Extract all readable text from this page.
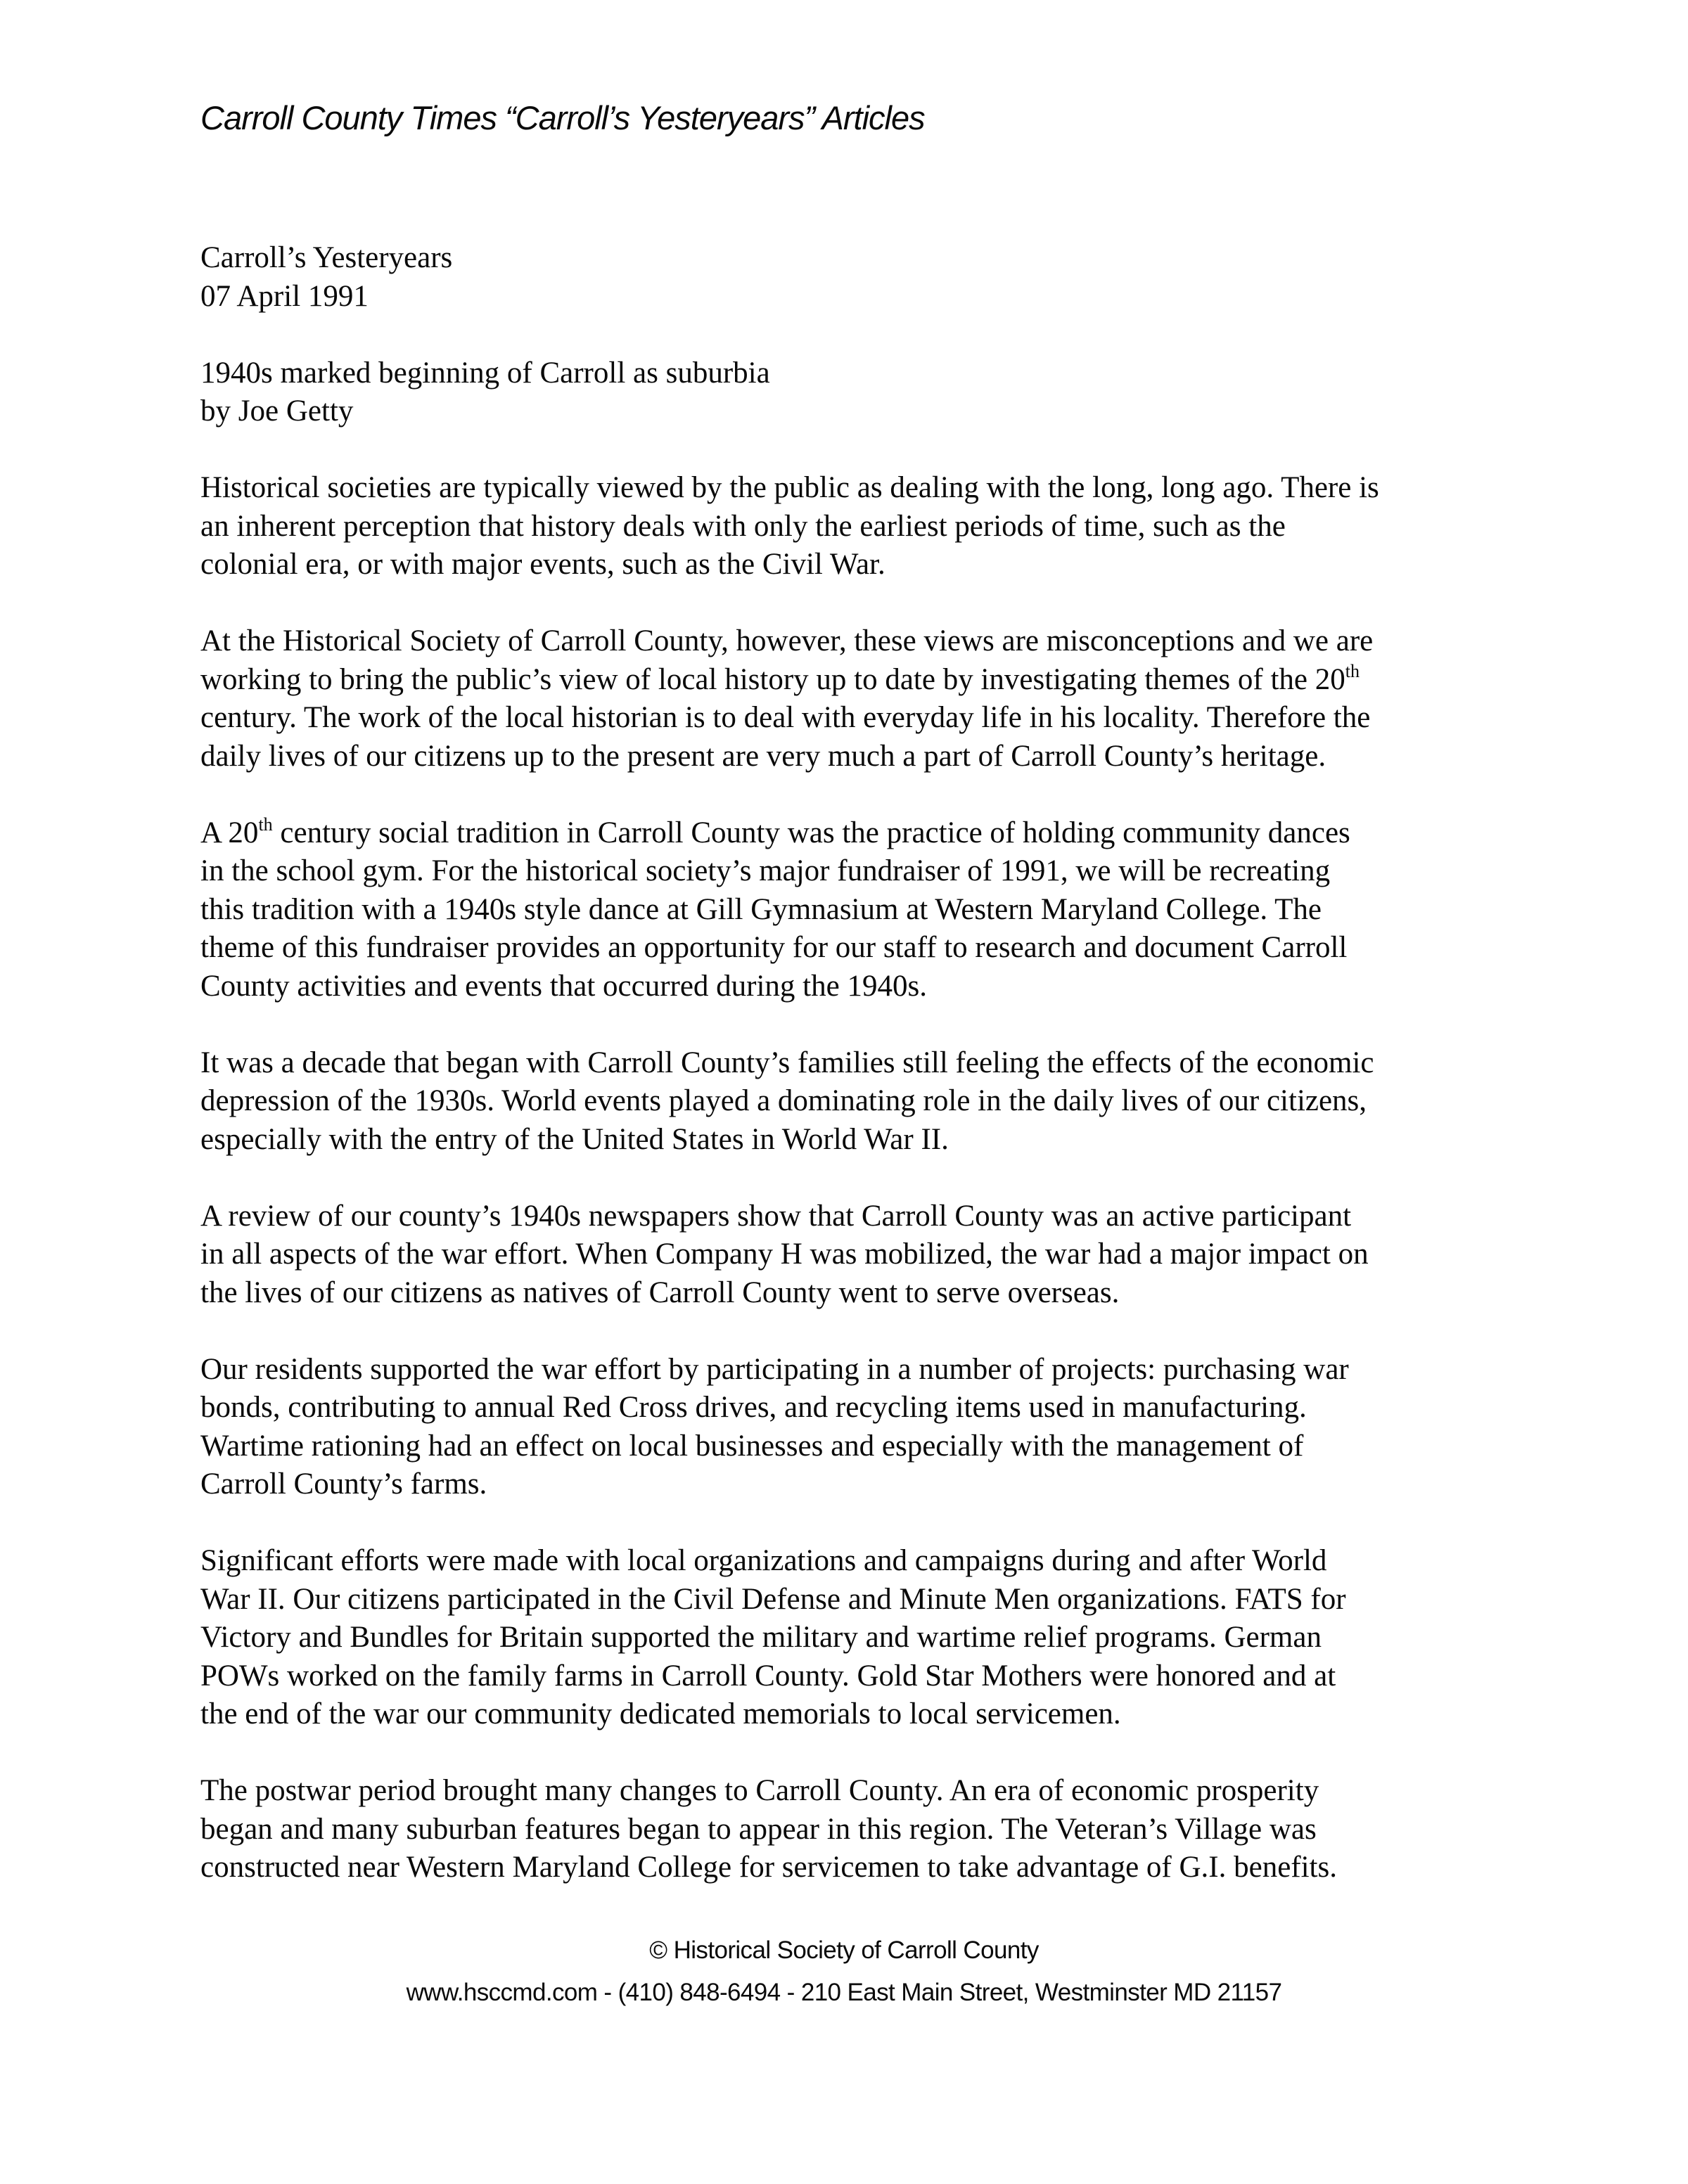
Carroll County Times “Carroll’s Yesteryears” Articles
Carroll’s Yesteryears
07 April 1991
1940s marked beginning of Carroll as suburbia
by Joe Getty
Historical societies are typically viewed by the public as dealing with the long, long ago. There is
an inherent perception that history deals with only the earliest periods of time, such as the
colonial era, or with major events, such as the Civil War.
At the Historical Society of Carroll County, however, these views are misconceptions and we are
working to bring the public’s view of local history up to date by investigating themes of the 20th
century. The work of the local historian is to deal with everyday life in his locality. Therefore the
daily lives of our citizens up to the present are very much a part of Carroll County’s heritage.
A 20th century social tradition in Carroll County was the practice of holding community dances
in the school gym. For the historical society’s major fundraiser of 1991, we will be recreating
this tradition with a 1940s style dance at Gill Gymnasium at Western Maryland College. The
theme of this fundraiser provides an opportunity for our staff to research and document Carroll
County activities and events that occurred during the 1940s.
It was a decade that began with Carroll County’s families still feeling the effects of the economic
depression of the 1930s. World events played a dominating role in the daily lives of our citizens,
especially with the entry of the United States in World War II.
A review of our county’s 1940s newspapers show that Carroll County was an active participant
in all aspects of the war effort. When Company H was mobilized, the war had a major impact on
the lives of our citizens as natives of Carroll County went to serve overseas.
Our residents supported the war effort by participating in a number of projects: purchasing war
bonds, contributing to annual Red Cross drives, and recycling items used in manufacturing.
Wartime rationing had an effect on local businesses and especially with the management of
Carroll County’s farms.
Significant efforts were made with local organizations and campaigns during and after World
War II. Our citizens participated in the Civil Defense and Minute Men organizations. FATS for
Victory and Bundles for Britain supported the military and wartime relief programs. German
POWs worked on the family farms in Carroll County. Gold Star Mothers were honored and at
the end of the war our community dedicated memorials to local servicemen.
The postwar period brought many changes to Carroll County. An era of economic prosperity
began and many suburban features began to appear in this region. The Veteran’s Village was
constructed near Western Maryland College for servicemen to take advantage of G.I. benefits.
© Historical Society of Carroll County
www.hsccmd.com - (410) 848-6494 - 210 East Main Street, Westminster MD 21157
